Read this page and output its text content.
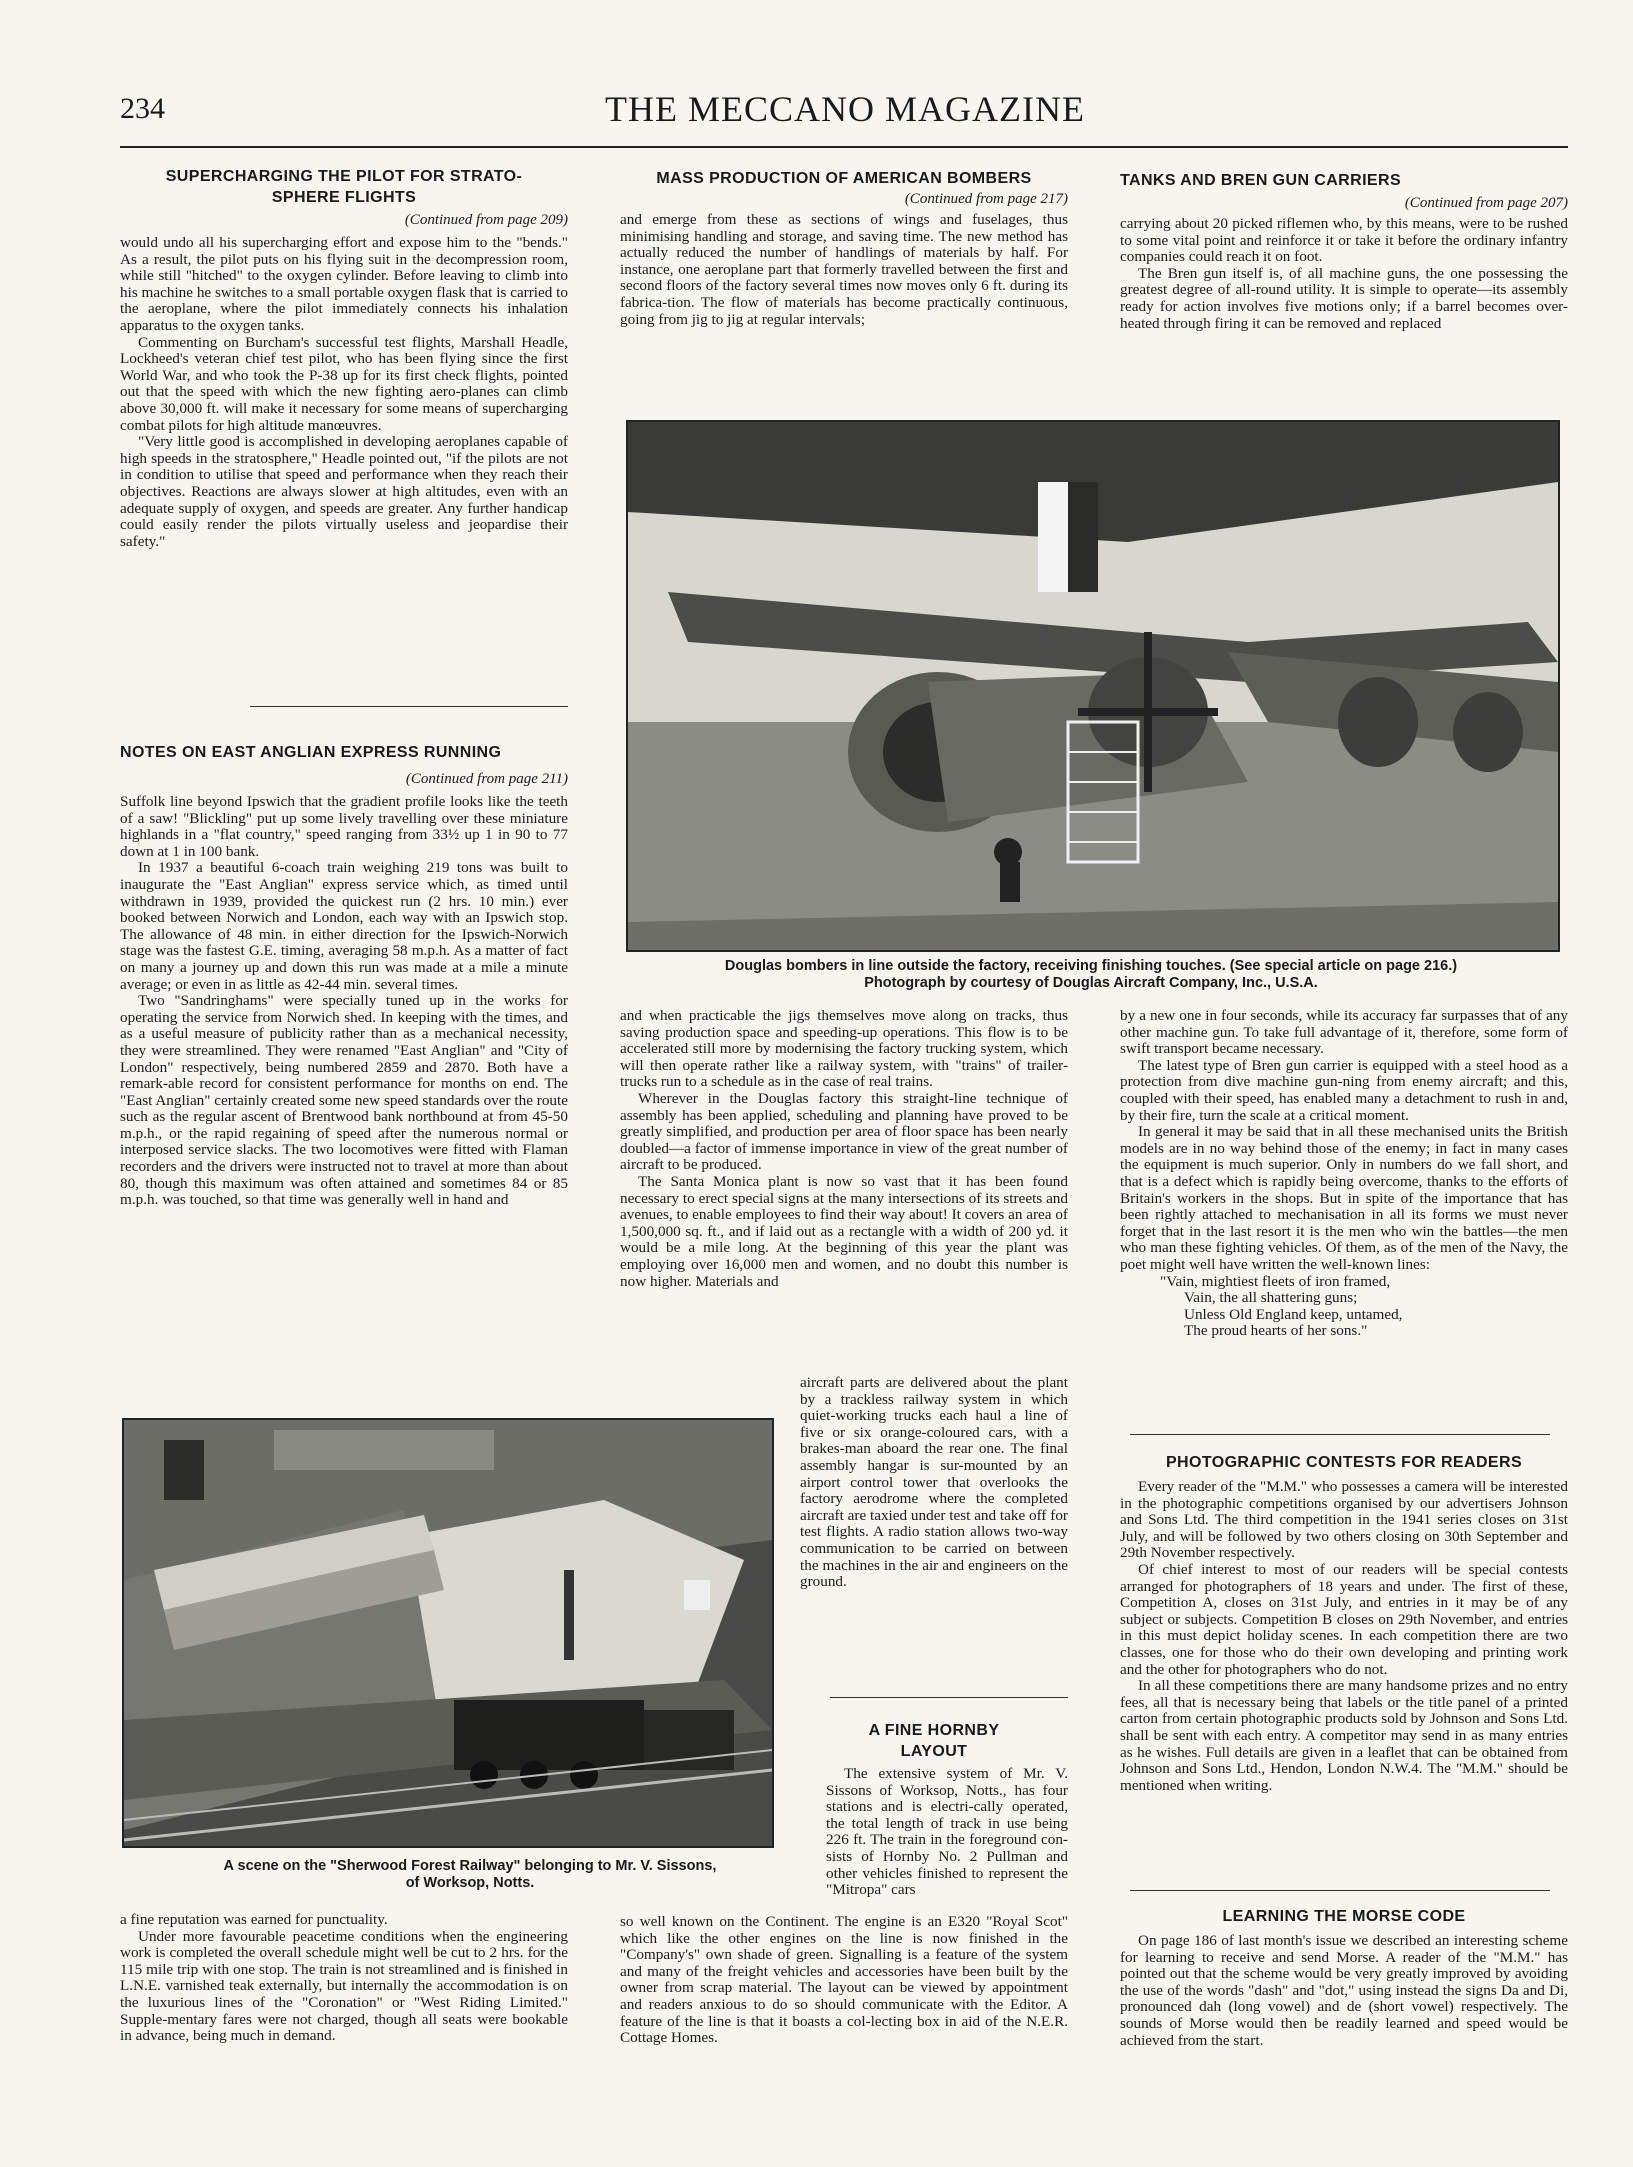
234	THE MECCANO MAGAZINE

SUPERCHARGING THE PILOT FOR STRATO-SPHERE FLIGHTS

(Continued from page 209)

would undo all his supercharging effort and expose him to the "bends." As a result, the pilot puts on his flying suit in the decompression room, while still "hitched" to the oxygen cylinder. Before leaving to climb into his machine he switches to a small portable oxygen flask that is carried to the aeroplane, where the pilot immediately connects his inhalation apparatus to the oxygen tanks.

Commenting on Burcham's successful test flights, Marshall Headle, Lockheed's veteran chief test pilot, who has been flying since the first World War, and who took the P-38 up for its first check flights, pointed out that the speed with which the new fighting aero-planes can climb above 30,000 ft. will make it necessary for some means of supercharging combat pilots for high altitude manœuvres.

"Very little good is accomplished in developing aeroplanes capable of high speeds in the stratosphere," Headle pointed out, "if the pilots are not in condition to utilise that speed and performance when they reach their objectives. Reactions are always slower at high altitudes, even with an adequate supply of oxygen, and speeds are greater. Any further handicap could easily render the pilots virtually useless and jeopardise their safety."

NOTES ON EAST ANGLIAN EXPRESS RUNNING

(Continued from page 211)

Suffolk line beyond Ipswich that the gradient profile looks like the teeth of a saw! "Blickling" put up some lively travelling over these miniature highlands in a "flat country," speed ranging from 33½ up 1 in 90 to 77 down at 1 in 100 bank.

In 1937 a beautiful 6-coach train weighing 219 tons was built to inaugurate the "East Anglian" express service which, as timed until withdrawn in 1939, provided the quickest run (2 hrs. 10 min.) ever booked between Norwich and London, each way with an Ipswich stop. The allowance of 48 min. in either direction for the Ipswich-Norwich stage was the fastest G.E. timing, averaging 58 m.p.h. As a matter of fact on many a journey up and down this run was made at a mile a minute average; or even in as little as 42-44 min. several times.

Two "Sandringhams" were specially tuned up in the works for operating the service from Norwich shed. In keeping with the times, and as a useful measure of publicity rather than as a mechanical necessity, they were streamlined. They were renamed "East Anglian" and "City of London" respectively, being numbered 2859 and 2870. Both have a remark-able record for consistent performance for months on end. The "East Anglian" certainly created some new speed standards over the route such as the regular ascent of Brentwood bank northbound at from 45-50 m.p.h., or the rapid regaining of speed after the numerous normal or interposed service slacks. The two locomotives were fitted with Flaman recorders and the drivers were instructed not to travel at more than about 80, though this maximum was often attained and sometimes 84 or 85 m.p.h. was touched, so that time was generally well in hand and

A scene on the "Sherwood Forest Railway" belonging to Mr. V. Sissons,
of Worksop, Notts.

a fine reputation was earned for punctuality.

Under more favourable peacetime conditions when the engineering work is completed the overall schedule might well be cut to 2 hrs. for the 115 mile trip with one stop. The train is not streamlined and is finished in L.N.E. varnished teak externally, but internally the accommodation is on the luxurious lines of the "Coronation" or "West Riding Limited." Supple-mentary fares were not charged, though all seats were bookable in advance, being much in demand.

MASS PRODUCTION OF AMERICAN BOMBERS

(Continued from page 217)

and emerge from these as sections of wings and fuselages, thus minimising handling and storage, and saving time. The new method has actually reduced the number of handlings of materials by half. For instance, one aeroplane part that formerly travelled between the first and second floors of the factory several times now moves only 6 ft. during its fabrica-tion. The flow of materials has become practically continuous, going from jig to jig at regular intervals;

TANKS AND BREN GUN CARRIERS

(Continued from page 207)

carrying about 20 picked riflemen who, by this means, were to be rushed to some vital point and reinforce it or take it before the ordinary infantry companies could reach it on foot.

The Bren gun itself is, of all machine guns, the one possessing the greatest degree of all-round utility. It is simple to operate—its assembly ready for action involves five motions only; if a barrel becomes over-heated through firing it can be removed and replaced

Douglas bombers in line outside the factory, receiving finishing touches. (See special article on page 216.)
Photograph by courtesy of Douglas Aircraft Company, Inc., U.S.A.

and when practicable the jigs themselves move along on tracks, thus saving production space and speeding-up operations. This flow is to be accelerated still more by modernising the factory trucking system, which will then operate rather like a railway system, with "trains" of trailer-trucks run to a schedule as in the case of real trains.

Wherever in the Douglas factory this straight-line technique of assembly has been applied, scheduling and planning have proved to be greatly simplified, and production per area of floor space has been nearly doubled—a factor of immense importance in view of the great number of aircraft to be produced.

The Santa Monica plant is now so vast that it has been found necessary to erect special signs at the many intersections of its streets and avenues, to enable employees to find their way about! It covers an area of 1,500,000 sq. ft., and if laid out as a rectangle with a width of 200 yd. it would be a mile long. At the beginning of this year the plant was employing over 16,000 men and women, and no doubt this number is now higher. Materials and

aircraft parts are delivered about the plant by a trackless railway system in which quiet-working trucks each haul a line of five or six orange-coloured cars, with a brakes-man aboard the rear one. The final assembly hangar is sur-mounted by an airport control tower that overlooks the factory aerodrome where the completed aircraft are taxied under test and take off for test flights. A radio station allows two-way communication to be carried on between the machines in the air and engineers on the ground.

A FINE HORNBY

LAYOUT

The extensive system of Mr. V. Sissons of Worksop, Notts., has four stations and is electri-cally operated, the total length of track in use being 226 ft. The train in the foreground con-sists of Hornby No. 2 Pullman and other vehicles finished to represent the "Mitropa" cars

so well known on the Continent. The engine is an E320 "Royal Scot" which like the other engines on the line is now finished in the "Company's" own shade of green. Signalling is a feature of the system and many of the freight vehicles and accessories have been built by the owner from scrap material. The layout can be viewed by appointment and readers anxious to do so should communicate with the Editor. A feature of the line is that it boasts a col-lecting box in aid of the N.E.R. Cottage Homes.

by a new one in four seconds, while its accuracy far surpasses that of any other machine gun. To take full advantage of it, therefore, some form of swift transport became necessary.

The latest type of Bren gun carrier is equipped with a steel hood as a protection from dive machine gun-ning from enemy aircraft; and this, coupled with their speed, has enabled many a detachment to rush in and, by their fire, turn the scale at a critical moment.

In general it may be said that in all these mechanised units the British models are in no way behind those of the enemy; in fact in many cases the equipment is much superior. Only in numbers do we fall short, and that is a defect which is rapidly being overcome, thanks to the efforts of Britain's workers in the shops. But in spite of the importance that has been rightly attached to mechanisation in all its forms we must never forget that in the last resort it is the men who win the battles—the men who man these fighting vehicles. Of them, as of the men of the Navy, the poet might well have written the well-known lines:

"Vain, mightiest fleets of iron framed,

Vain, the all shattering guns;

Unless Old England keep, untamed,

The proud hearts of her sons."

PHOTOGRAPHIC CONTESTS FOR READERS

Every reader of the "M.M." who possesses a camera will be interested in the photographic competitions organised by our advertisers Johnson and Sons Ltd. The third competition in the 1941 series closes on 31st July, and will be followed by two others closing on 30th September and 29th November respectively.

Of chief interest to most of our readers will be special contests arranged for photographers of 18 years and under. The first of these, Competition A, closes on 31st July, and entries in it may be of any subject or subjects. Competition B closes on 29th November, and entries in this must depict holiday scenes. In each competition there are two classes, one for those who do their own developing and printing work and the other for photographers who do not.

In all these competitions there are many handsome prizes and no entry fees, all that is necessary being that labels or the title panel of a printed carton from certain photographic products sold by Johnson and Sons Ltd. shall be sent with each entry. A competitor may send in as many entries as he wishes. Full details are given in a leaflet that can be obtained from Johnson and Sons Ltd., Hendon, London N.W.4. The "M.M." should be mentioned when writing.

LEARNING THE MORSE CODE

On page 186 of last month's issue we described an interesting scheme for learning to receive and send Morse. A reader of the "M.M." has pointed out that the scheme would be very greatly improved by avoiding the use of the words "dash" and "dot," using instead the signs Da and Di, pronounced dah (long vowel) and de (short vowel) respectively. The sounds of Morse would then be readily learned and speed would be achieved from the start.
